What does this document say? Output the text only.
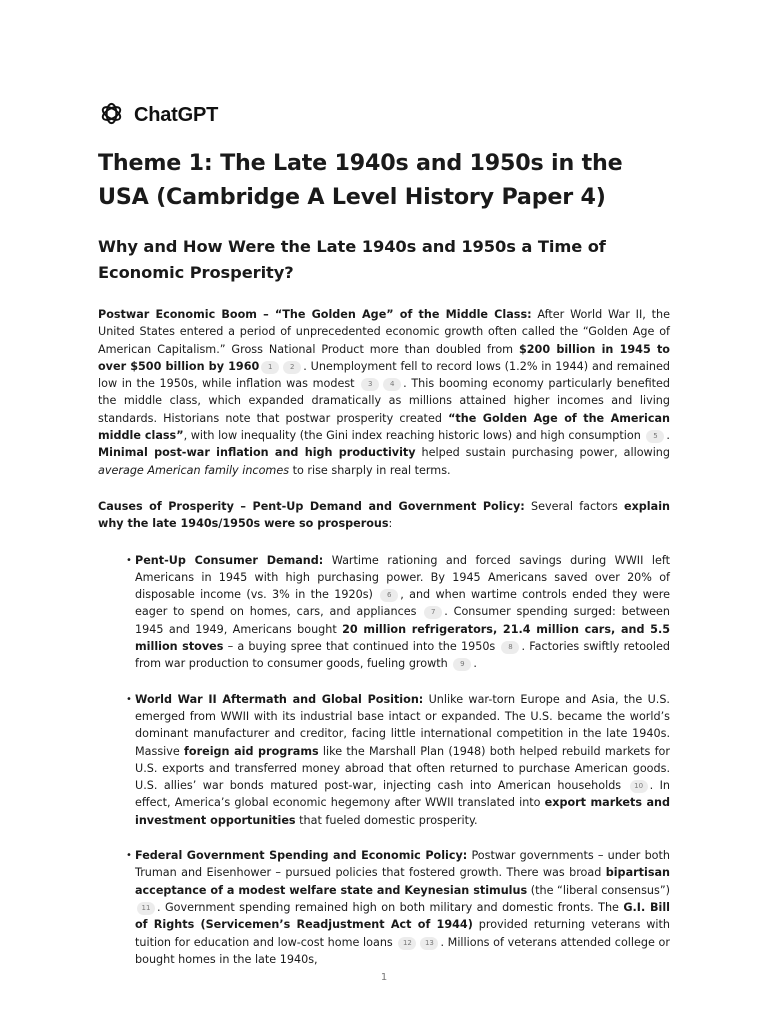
ChatGPT
Theme 1: The Late 1940s and 1950s in the USA (Cambridge A Level History Paper 4)
Why and How Were the Late 1940s and 1950s a Time of Economic Prosperity?

Postwar Economic Boom – “The Golden Age” of the Middle Class: After World War II, the United States entered a period of unprecedented economic growth often called the “Golden Age of American Capitalism.” Gross National Product more than doubled from $200 billion in 1945 to over $500 billion by 1960 1	2 . Unemployment fell to record lows (1.2% in 1944) and remained low in the 1950s, while inflation was modest 3	4 . This booming economy particularly benefited the middle class, which expanded dramatically as millions attained higher incomes and living standards. Historians note that postwar prosperity created “the Golden Age of the American middle class”, with low inequality (the Gini index reaching historic lows) and high consumption 5 . Minimal post-war inflation and high productivity helped sustain purchasing power, allowing average American family incomes to rise sharply in real terms.

Causes of Prosperity – Pent-Up Demand and Government Policy: Several factors explain why the late 1940s/1950s were so prosperous:

• Pent-Up Consumer Demand: Wartime rationing and forced savings during WWII left Americans in 1945 with high purchasing power. By 1945 Americans saved over 20% of disposable income (vs. 3% in the 1920s) 6 , and when wartime controls ended they were eager to spend on homes, cars, and appliances 7 . Consumer spending surged: between 1945 and 1949, Americans bought 20 million refrigerators, 21.4 million cars, and 5.5 million stoves – a buying spree that continued into the 1950s 8 . Factories swiftly retooled from war production to consumer goods, fueling growth 9 .
• World War II Aftermath and Global Position: Unlike war-torn Europe and Asia, the U.S. emerged from WWII with its industrial base intact or expanded. The U.S. became the world’s dominant manufacturer and creditor, facing little international competition in the late 1940s. Massive foreign aid programs like the Marshall Plan (1948) both helped rebuild markets for U.S. exports and transferred money abroad that often returned to purchase American goods. U.S. allies’ war bonds matured post-war, injecting cash into American households 10 . In effect, America’s global economic hegemony after WWII translated into export markets and investment opportunities that fueled domestic prosperity.
• Federal Government Spending and Economic Policy: Postwar governments – under both Truman and Eisenhower – pursued policies that fostered growth. There was broad bipartisan acceptance of a modest welfare state and Keynesian stimulus (the “liberal consensus”) 11 . Government spending remained high on both military and domestic fronts. The G.I. Bill of Rights (Servicemen’s Readjustment Act of 1944) provided returning veterans with tuition for education and low-cost home loans 12 13 . Millions of veterans attended college or bought homes in the late 1940s,
1
